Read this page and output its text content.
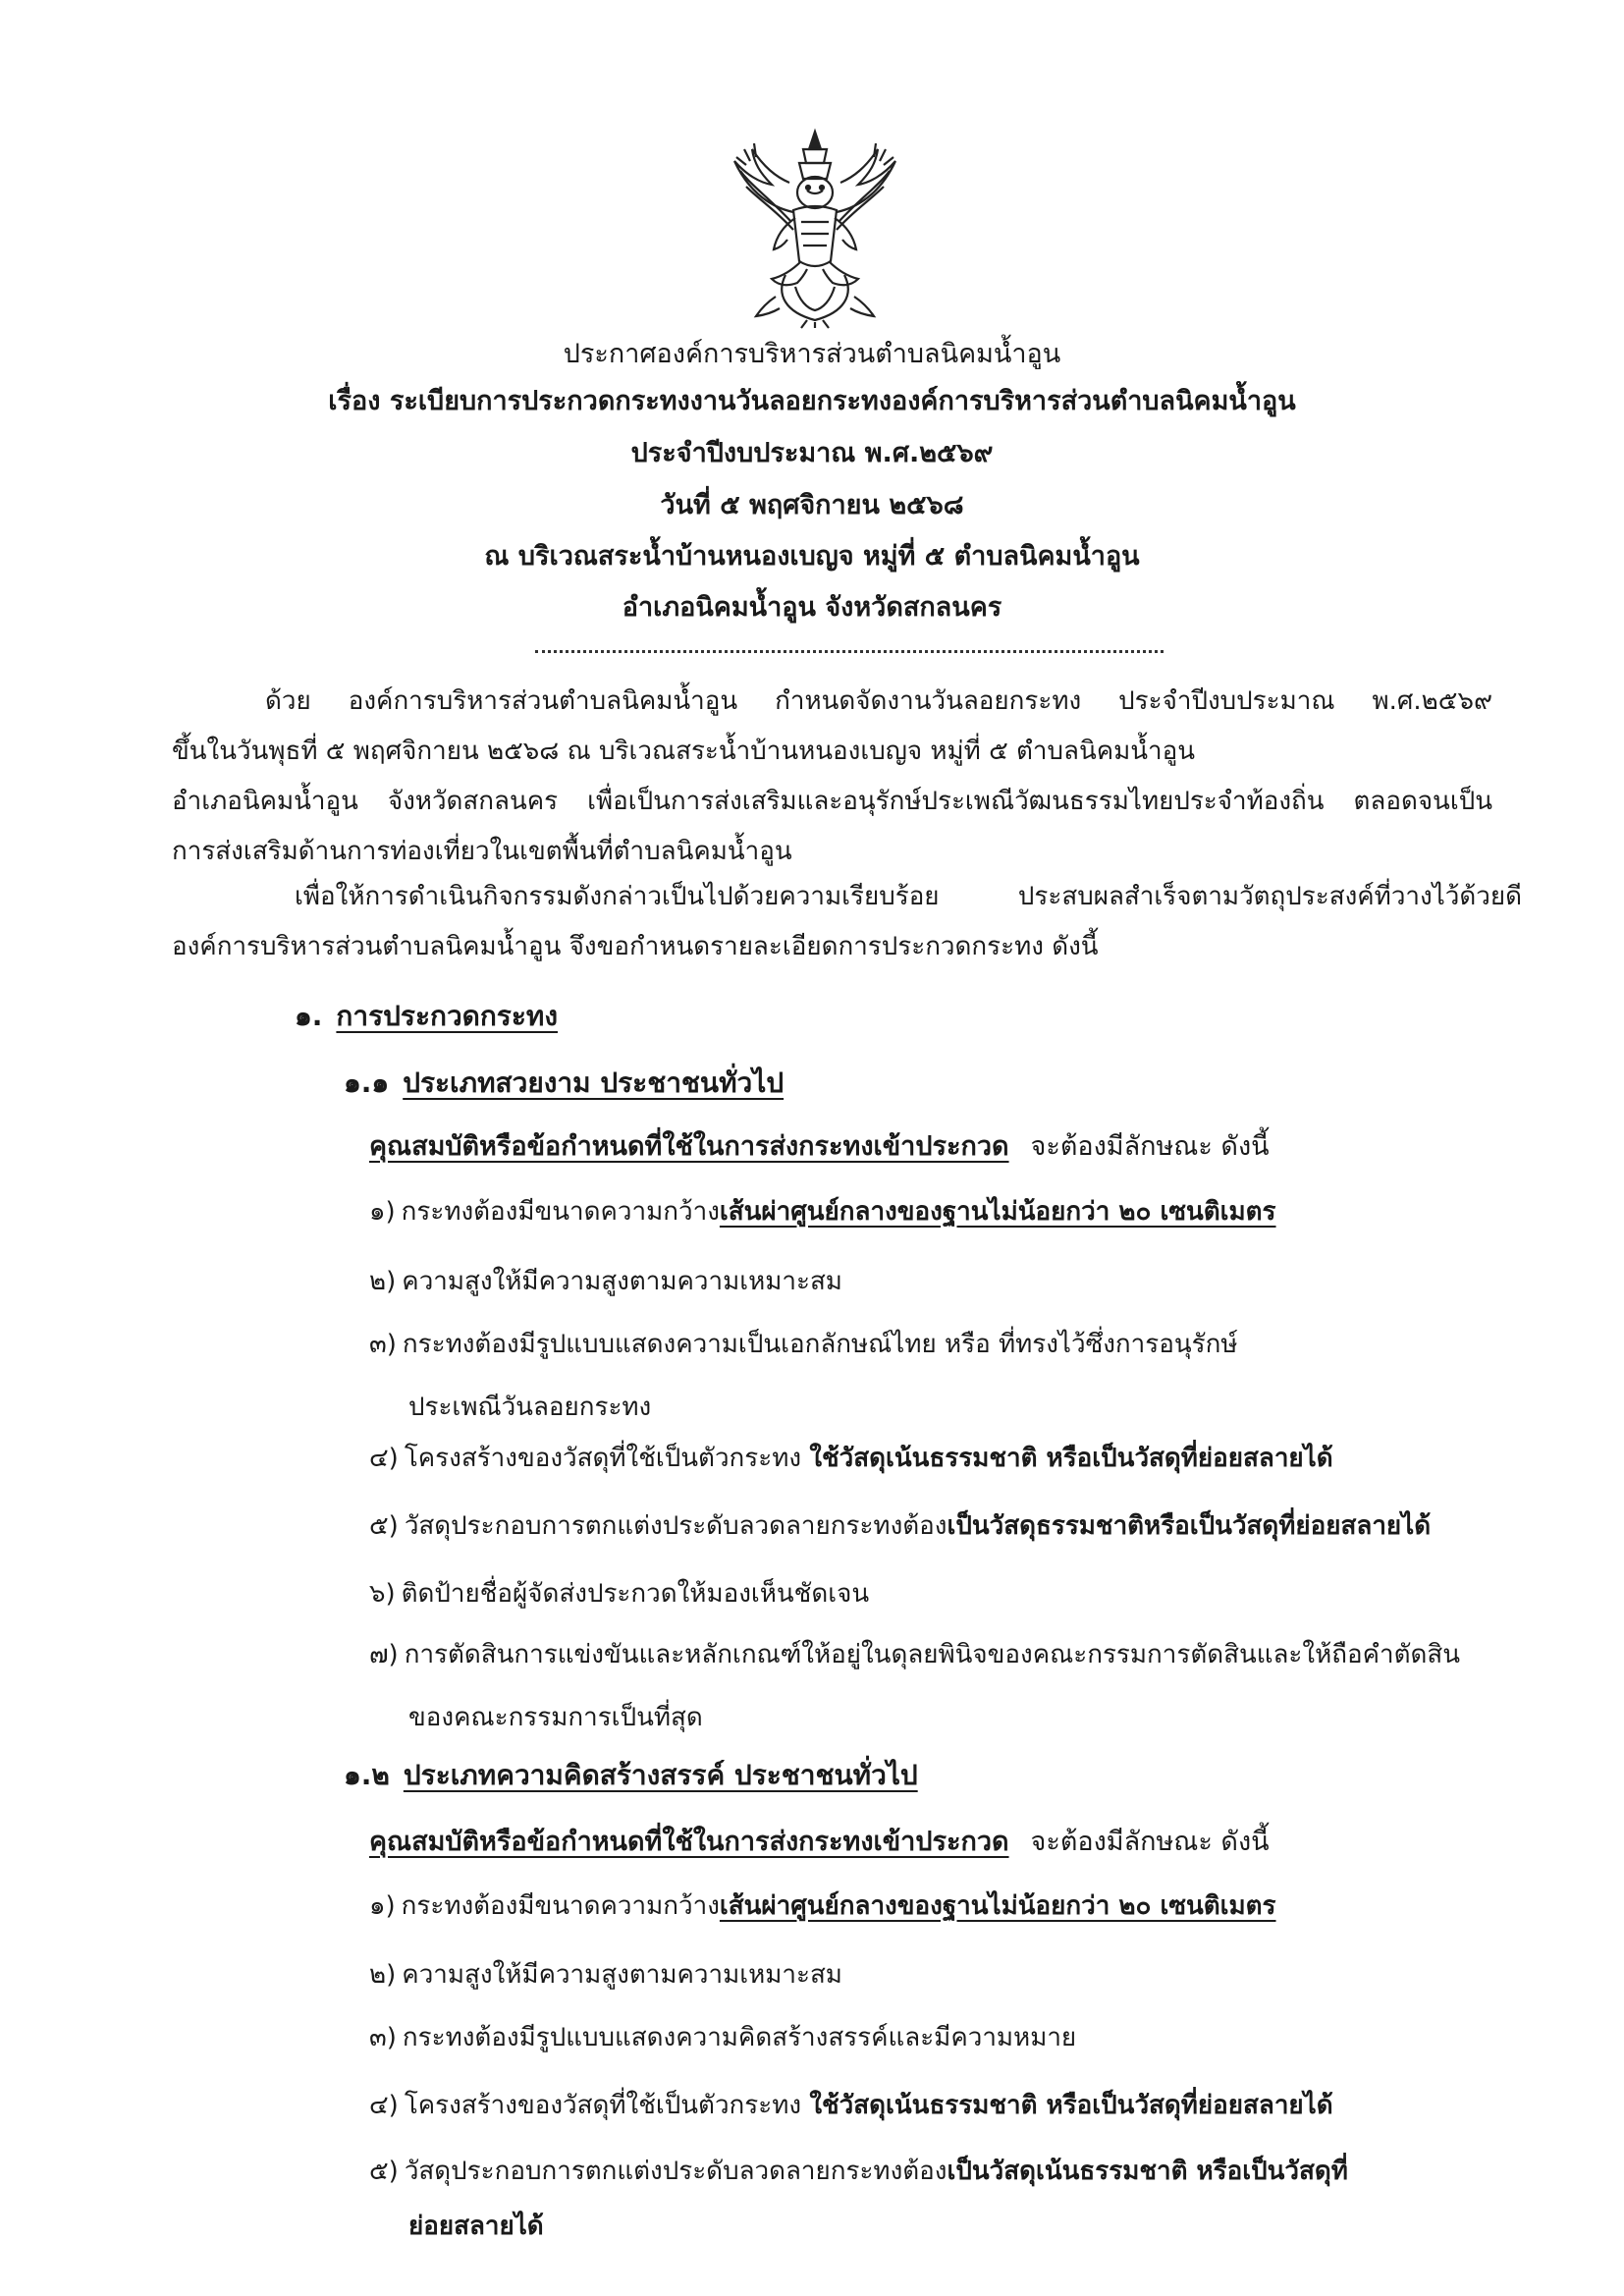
ประกาศองค์การบริหารส่วนตำบลนิคมน้ำอูน
เรื่อง ระเบียบการประกวดกระทงงานวันลอยกระทงองค์การบริหารส่วนตำบลนิคมน้ำอูน
ประจำปีงบประมาณ พ.ศ.๒๕๖๙
วันที่ ๕ พฤศจิกายน ๒๕๖๘
ณ บริเวณสระน้ำบ้านหนองเบญจ หมู่ที่ ๕ ตำบลนิคมน้ำอูน
อำเภอนิคมน้ำอูน จังหวัดสกลนคร
ด้วย องค์การบริหารส่วนตำบลนิคมน้ำอูน กำหนดจัดงานวันลอยกระทง ประจำปีงบประมาณ พ.ศ.๒๕๖๙
ขึ้นในวันพุธที่ ๕ พฤศจิกายน ๒๕๖๘ ณ บริเวณสระน้ำบ้านหนองเบญจ หมู่ที่ ๕ ตำบลนิคมน้ำอูน
อำเภอนิคมน้ำอูน จังหวัดสกลนคร เพื่อเป็นการส่งเสริมและอนุรักษ์ประเพณีวัฒนธรรมไทยประจำท้องถิ่น ตลอดจนเป็น
การส่งเสริมด้านการท่องเที่ยวในเขตพื้นที่ตำบลนิคมน้ำอูน
เพื่อให้การดำเนินกิจกรรมดังกล่าวเป็นไปด้วยความเรียบร้อย ประสบผลสำเร็จตามวัตถุประสงค์ที่วางไว้ด้วยดี
องค์การบริหารส่วนตำบลนิคมน้ำอูน จึงขอกำหนดรายละเอียดการประกวดกระทง ดังนี้
๑. การประกวดกระทง
๑.๑ ประเภทสวยงาม ประชาชนทั่วไป
คุณสมบัติหรือข้อกำหนดที่ใช้ในการส่งกระทงเข้าประกวด จะต้องมีลักษณะ ดังนี้
๑) กระทงต้องมีขนาดความกว้างเส้นผ่าศูนย์กลางของฐานไม่น้อยกว่า ๒๐ เซนติเมตร
๒) ความสูงให้มีความสูงตามความเหมาะสม
๓) กระทงต้องมีรูปแบบแสดงความเป็นเอกลักษณ์ไทย หรือ ที่ทรงไว้ซึ่งการอนุรักษ์
ประเพณีวันลอยกระทง
๔) โครงสร้างของวัสดุที่ใช้เป็นตัวกระทง ใช้วัสดุเน้นธรรมชาติ หรือเป็นวัสดุที่ย่อยสลายได้
๕) วัสดุประกอบการตกแต่งประดับลวดลายกระทงต้องเป็นวัสดุธรรมชาติหรือเป็นวัสดุที่ย่อยสลายได้
๖) ติดป้ายชื่อผู้จัดส่งประกวดให้มองเห็นชัดเจน
๗) การตัดสินการแข่งขันและหลักเกณฑ์ให้อยู่ในดุลยพินิจของคณะกรรมการตัดสินและให้ถือคำตัดสิน
ของคณะกรรมการเป็นที่สุด
๑.๒ ประเภทความคิดสร้างสรรค์ ประชาชนทั่วไป
คุณสมบัติหรือข้อกำหนดที่ใช้ในการส่งกระทงเข้าประกวด จะต้องมีลักษณะ ดังนี้
๑) กระทงต้องมีขนาดความกว้างเส้นผ่าศูนย์กลางของฐานไม่น้อยกว่า ๒๐ เซนติเมตร
๒) ความสูงให้มีความสูงตามความเหมาะสม
๓) กระทงต้องมีรูปแบบแสดงความคิดสร้างสรรค์และมีความหมาย
๔) โครงสร้างของวัสดุที่ใช้เป็นตัวกระทง ใช้วัสดุเน้นธรรมชาติ หรือเป็นวัสดุที่ย่อยสลายได้
๕) วัสดุประกอบการตกแต่งประดับลวดลายกระทงต้องเป็นวัสดุเน้นธรรมชาติ หรือเป็นวัสดุที่
ย่อยสลายได้
